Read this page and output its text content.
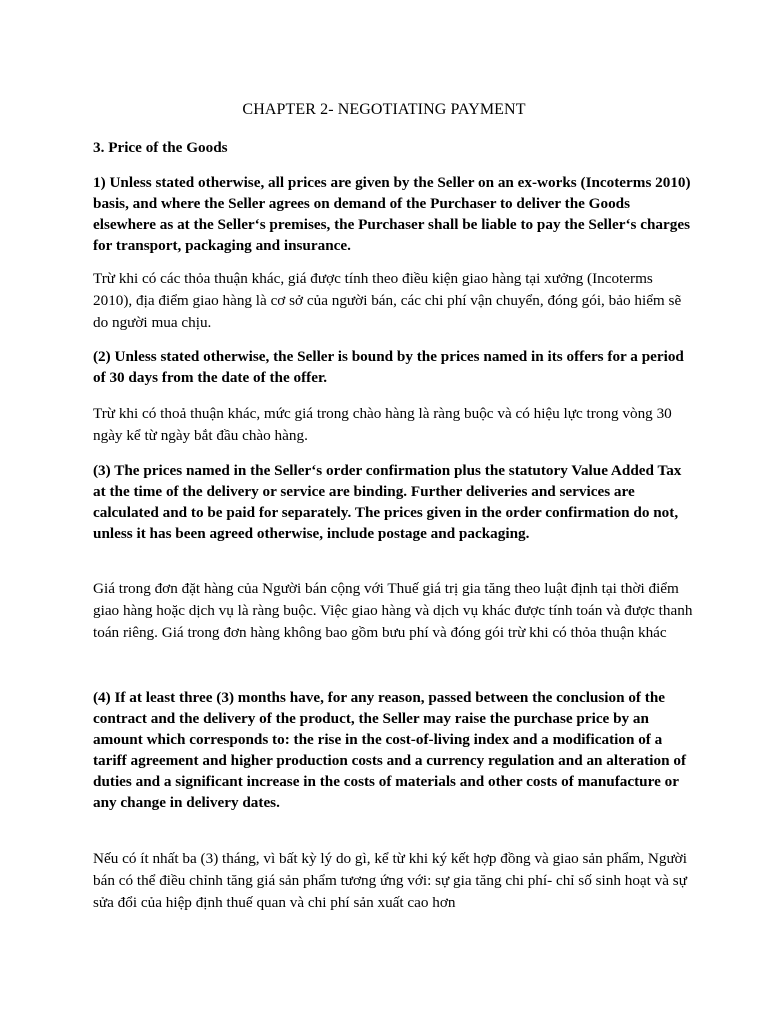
CHAPTER 2- NEGOTIATING PAYMENT
3. Price of the Goods

1) Unless stated otherwise, all prices are given by the Seller on an ex-works (Incoterms 2010) basis, and where the Seller agrees on demand of the Purchaser to deliver the Goods elsewhere as at the Seller‘s premises, the Purchaser shall be liable to pay the Seller‘s charges for transport, packaging and insurance.

Trừ khi có các thỏa thuận khác, giá được tính theo điều kiện giao hàng tại xưởng (Incoterms 2010), địa điểm giao hàng là cơ sở của người bán, các chi phí vận chuyển, đóng gói, bảo hiểm sẽ do người mua chịu.

(2) Unless stated otherwise, the Seller is bound by the prices named in its offers for a period of 30 days from the date of the offer.

Trừ khi có thoả thuận khác, mức giá trong chào hàng là ràng buộc và có hiệu lực trong vòng 30 ngày kể từ ngày bắt đầu chào hàng.

(3) The prices named in the Seller‘s order confirmation plus the statutory Value Added Tax at the time of the delivery or service are binding. Further deliveries and services are calculated and to be paid for separately. The prices given in the order confirmation do not, unless it has been agreed otherwise, include postage and packaging.

Giá trong đơn đặt hàng của Người bán cộng với Thuế giá trị gia tăng theo luật định tại thời điểm giao hàng hoặc dịch vụ là ràng buộc. Việc giao hàng và dịch vụ khác được tính toán và được thanh toán riêng. Giá trong đơn hàng không bao gồm bưu phí và đóng gói trừ khi có thỏa thuận khác

(4) If at least three (3) months have, for any reason, passed between the conclusion of the contract and the delivery of the product, the Seller may raise the purchase price by an amount which corresponds to: the rise in the cost-of-living index and a modification of a tariff agreement and higher production costs and a currency regulation and an alteration of duties and a significant increase in the costs of materials and other costs of manufacture or any change in delivery dates.

Nếu có ít nhất ba (3) tháng, vì bất kỳ lý do gì, kể từ khi ký kết hợp đồng và giao sản phẩm, Người bán có thể điều chỉnh tăng giá sản phẩm tương ứng với: sự gia tăng chi phí- chỉ số sinh hoạt và sự sửa đổi của hiệp định thuế quan và chi phí sản xuất cao hơn
